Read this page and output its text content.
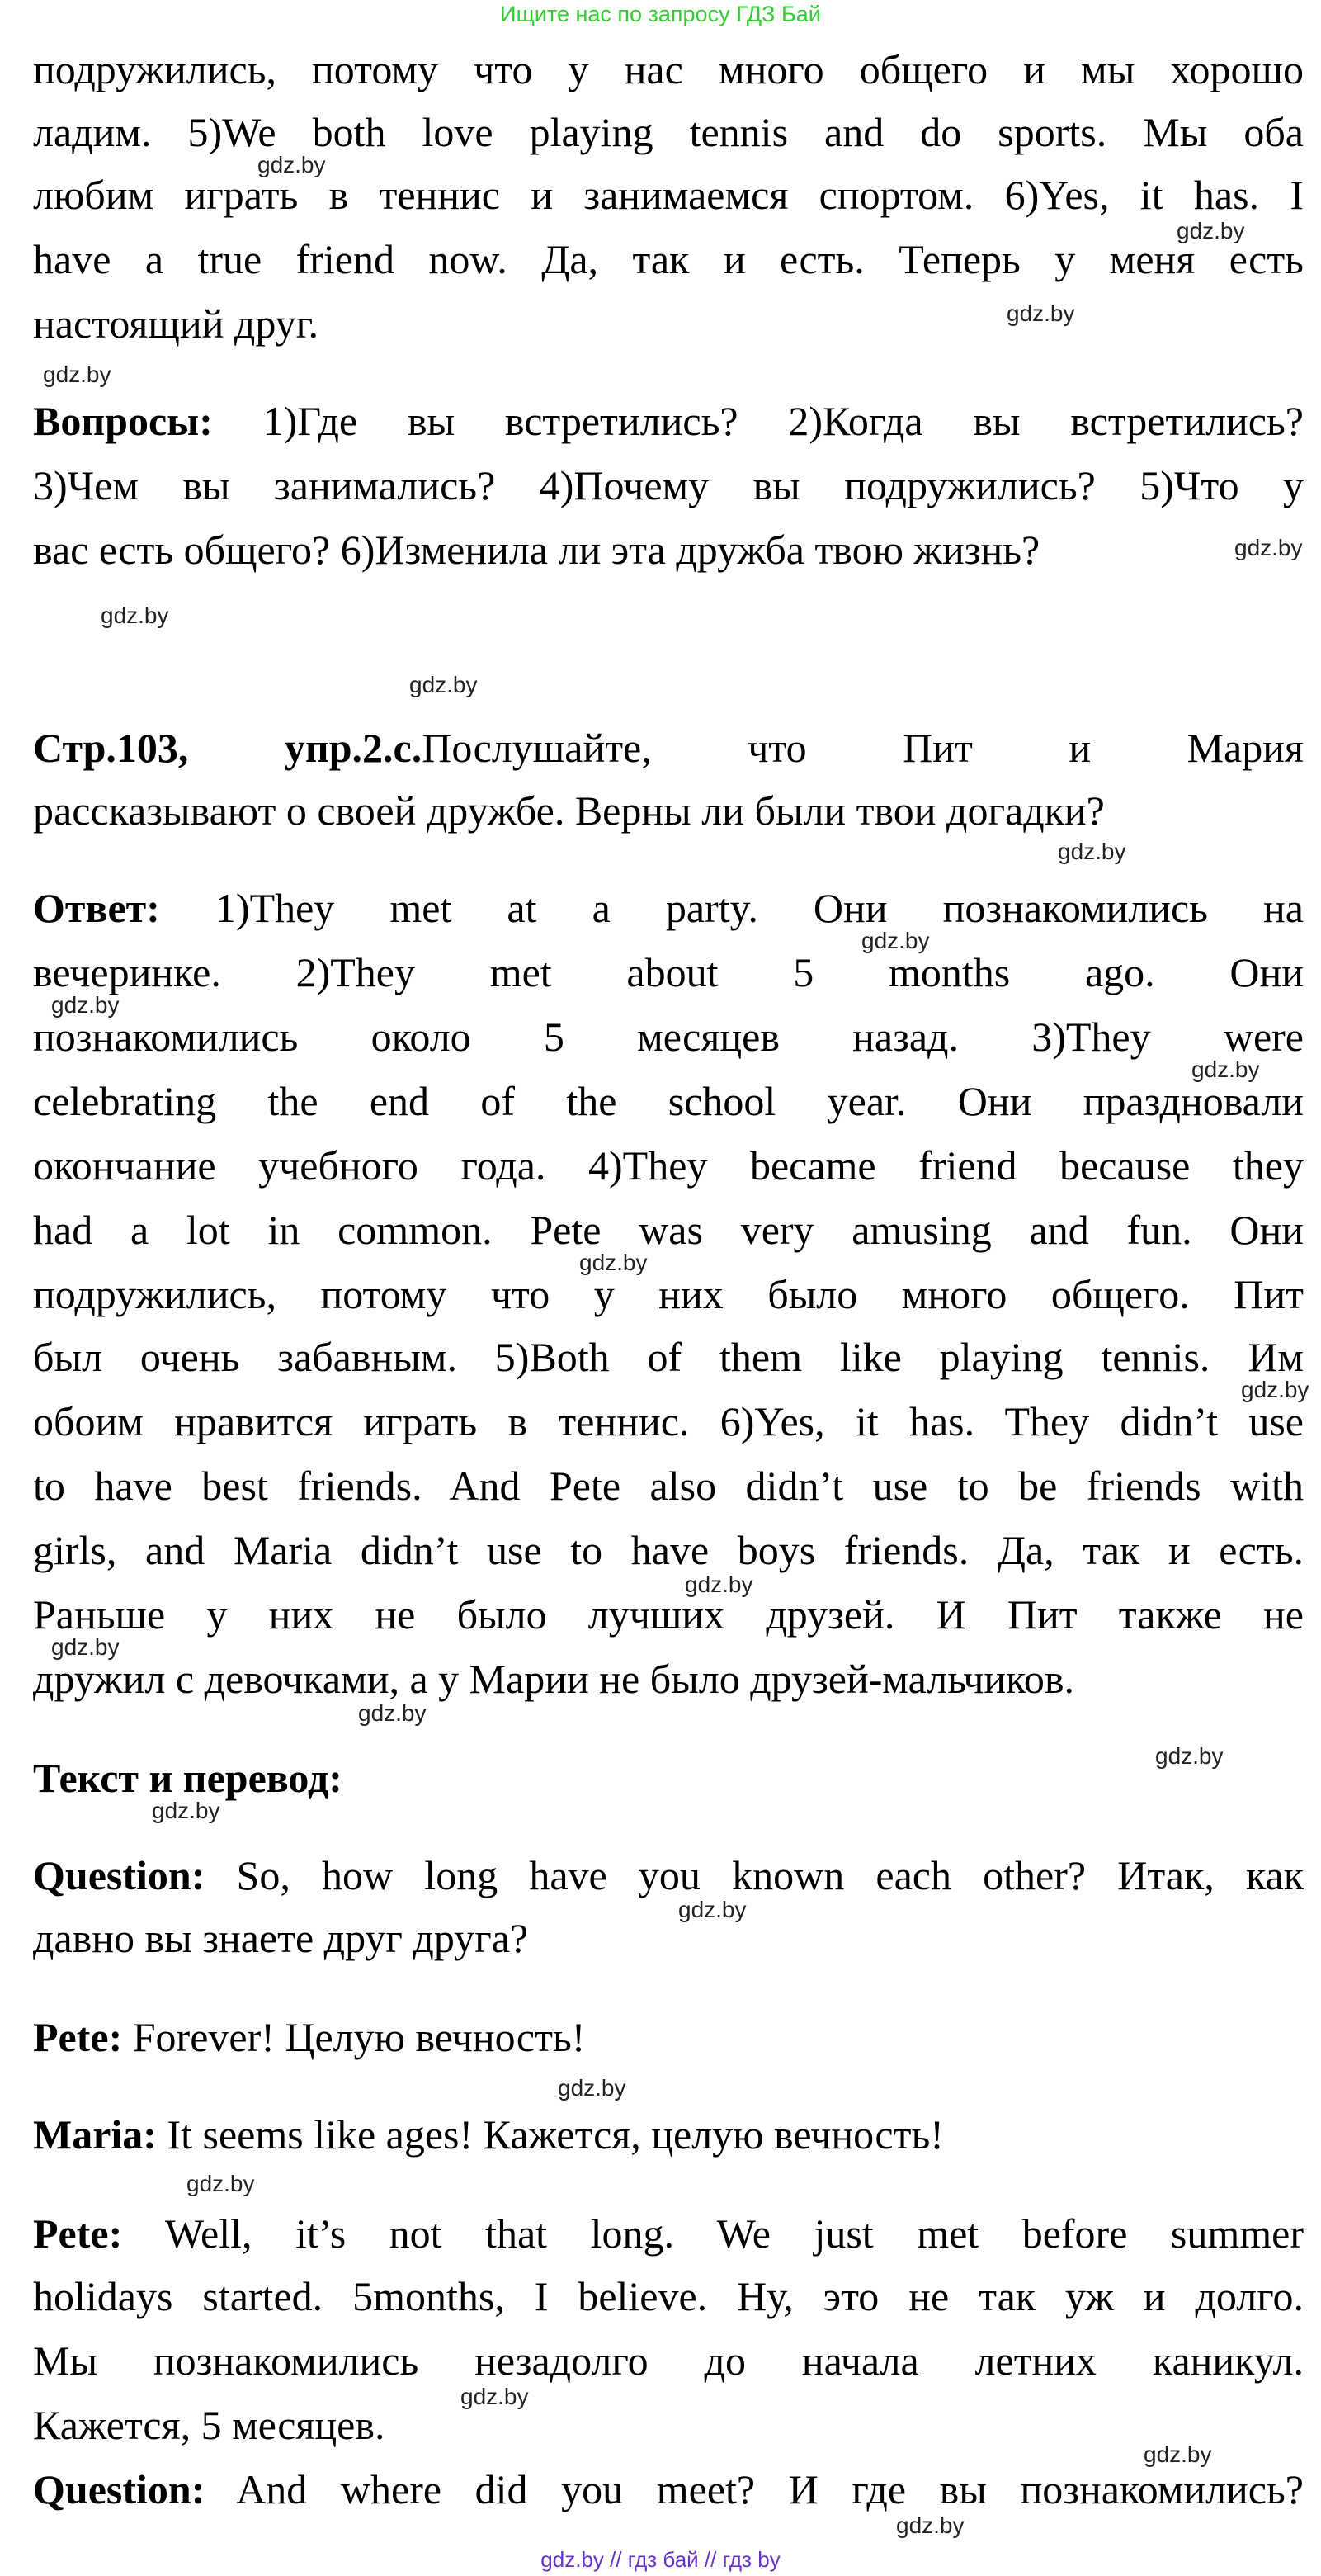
Ищите нас по запросу ГДЗ Бай
подружились, потому что у нас много общего и мы хорошо
ладим. 5)We both love playing tennis and do sports. Мы оба
любим играть в теннис и занимаемся спортом. 6)Yes, it has. I
have a true friend now. Да, так и есть. Теперь у меня есть
настоящий друг.
Вопросы: 1)Где вы встретились? 2)Когда вы встретились?
3)Чем вы занимались? 4)Почему вы подружились? 5)Что у
вас есть общего? 6)Изменила ли эта дружба твою жизнь?
Стр.103, упр.2.с.Послушайте, что Пит и Мария
рассказывают о своей дружбе. Верны ли были твои догадки?
Ответ: 1)They met at a party. Они познакомились на
вечеринке. 2)They met about 5 months ago. Они
познакомились около 5 месяцев назад. 3)They were
celebrating the end of the school year. Они праздновали
окончание учебного года. 4)They became friend because they
had a lot in common. Pete was very amusing and fun. Они
подружились, потому что у них было много общего. Пит
был очень забавным. 5)Both of them like playing tennis. Им
обоим нравится играть в теннис. 6)Yes, it has. They didn’t use
to have best friends. And Pete also didn’t use to be friends with
girls, and Maria didn’t use to have boys friends. Да, так и есть.
Раньше у них не было лучших друзей. И Пит также не
дружил с девочками, а у Марии не было друзей-мальчиков.
Текст и перевод:
Question: So, how long have you known each other? Итак, как
давно вы знаете друг друга?
Pete: Forever! Целую вечность!
Maria: It seems like ages! Кажется, целую вечность!
Pete: Well, it’s not that long. We just met before summer
holidays started. 5months, I believe. Ну, это не так уж и долго.
Мы познакомились незадолго до начала летних каникул.
Кажется, 5 месяцев.
Question: And where did you meet? И где вы познакомились?
gdz.by
gdz.by
gdz.by
gdz.by
gdz.by
gdz.by
gdz.by
gdz.by
gdz.by
gdz.by
gdz.by
gdz.by
gdz.by
gdz.by
gdz.by
gdz.by
gdz.by
gdz.by
gdz.by
gdz.by
gdz.by
gdz.by
gdz.by
gdz.by
gdz.by // гдз бай // гдз by
